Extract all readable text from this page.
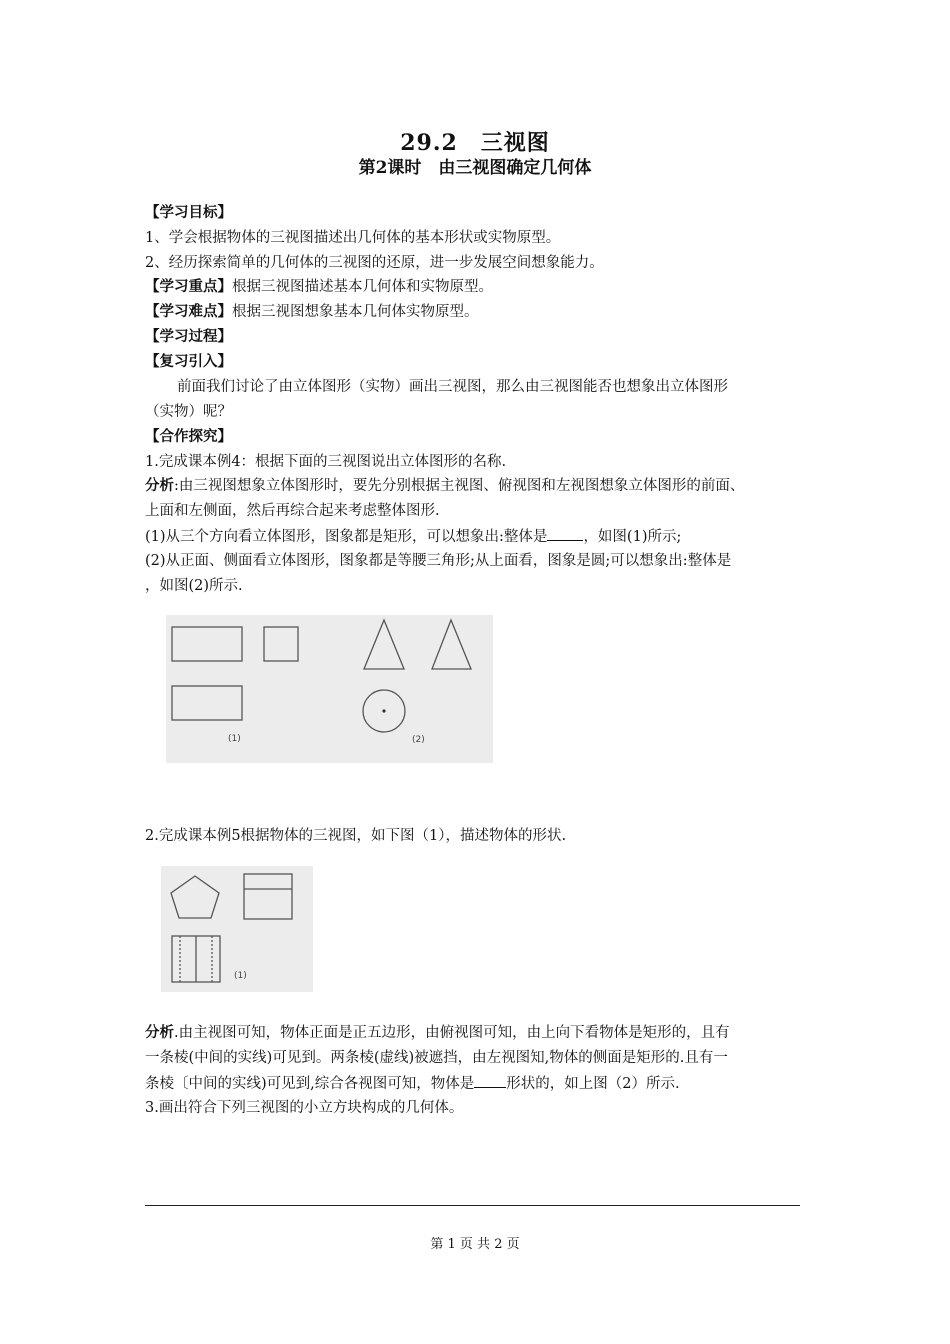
29.2　三视图
第2课时　由三视图确定几何体
【学习目标】
1、学会根据物体的三视图描述出几何体的基本形状或实物原型。
2、经历探索简单的几何体的三视图的还原，进一步发展空间想象能力。
【学习重点】根据三视图描述基本几何体和实物原型。
【学习难点】根据三视图想象基本几何体实物原型。
【学习过程】
【复习引入】
前面我们讨论了由立体图形（实物）画出三视图，那么由三视图能否也想象出立体图形
（实物）呢？
【合作探究】
1.完成课本例4：根据下面的三视图说出立体图形的名称.
分析:由三视图想象立体图形时，要先分别根据主视图、俯视图和左视图想象立体图形的前面、
上面和左侧面，然后再综合起来考虑整体图形.
(1)从三个方向看立体图形，图象都是矩形，可以想象出:整体是 ，如图(1)所示;
(2)从正面、侧面看立体图形，图象都是等腰三角形;从上面看，图象是圆;可以想象出:整体是
，如图(2)所示.
(1)	(2)
2.完成课本例5根据物体的三视图，如下图（1），描述物体的形状.
(1)
分析.由主视图可知，物体正面是正五边形，由俯视图可知，由上向下看物体是矩形的，且有
一条棱(中间的实线)可见到。两条棱(虚线)被遮挡，由左视图知,物体的侧面是矩形的.且有一
条棱〔中间的实线)可见到,综合各视图可知，物体是 形状的，如上图（2）所示.
3.画出符合下列三视图的小立方块构成的几何体。
第 1 页 共 2 页
